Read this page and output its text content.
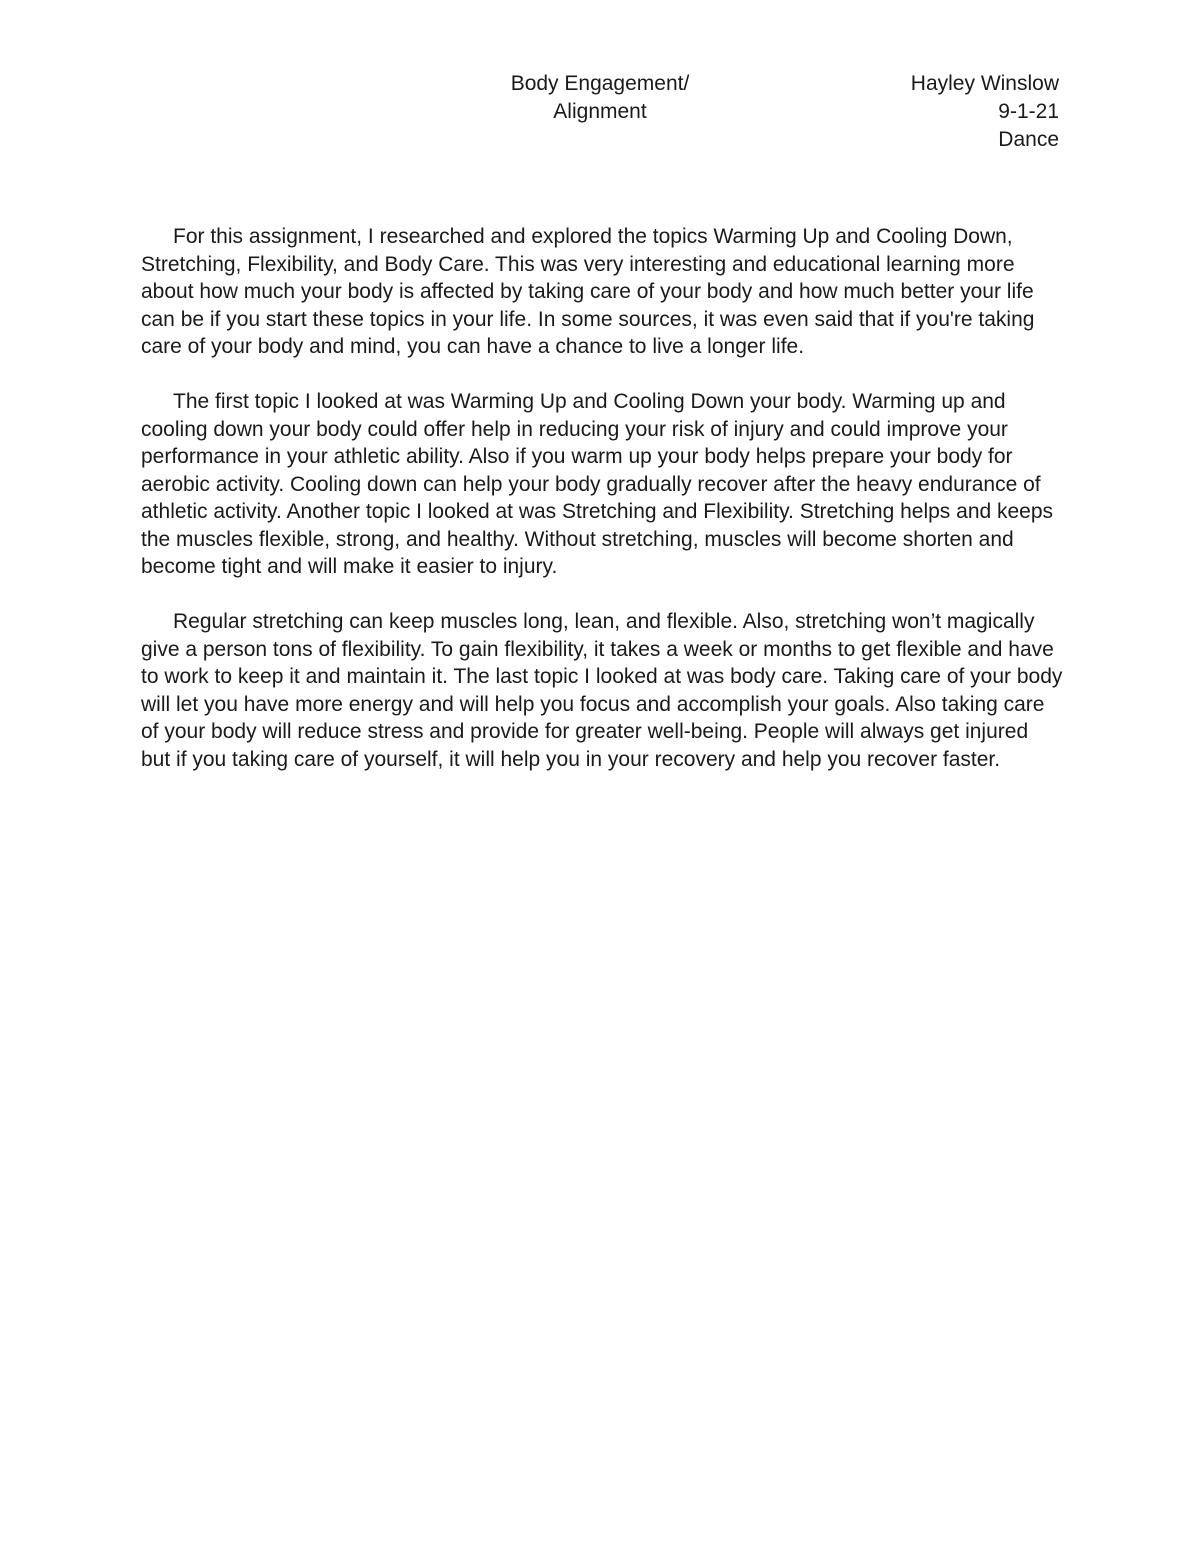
Body Engagement/
Alignment
Hayley Winslow
9-1-21
Dance

For this assignment, I researched and explored the topics Warming Up and Cooling Down, Stretching, Flexibility, and Body Care. This was very interesting and educational learning more about how much your body is affected by taking care of your body and how much better your life can be if you start these topics in your life. In some sources, it was even said that if you're taking care of your body and mind, you can have a chance to live a longer life.

The first topic I looked at was Warming Up and Cooling Down your body. Warming up and cooling down your body could offer help in reducing your risk of injury and could improve your performance in your athletic ability. Also if you warm up your body helps prepare your body for aerobic activity. Cooling down can help your body gradually recover after the heavy endurance of athletic activity. Another topic I looked at was Stretching and Flexibility. Stretching helps and keeps the muscles flexible, strong, and healthy. Without stretching, muscles will become shorten and become tight and will make it easier to injury.

Regular stretching can keep muscles long, lean, and flexible. Also, stretching won’t magically give a person tons of flexibility. To gain flexibility, it takes a week or months to get flexible and have to work to keep it and maintain it. The last topic I looked at was body care. Taking care of your body will let you have more energy and will help you focus and accomplish your goals. Also taking care of your body will reduce stress and provide for greater well-being. People will always get injured but if you taking care of yourself, it will help you in your recovery and help you recover faster.
